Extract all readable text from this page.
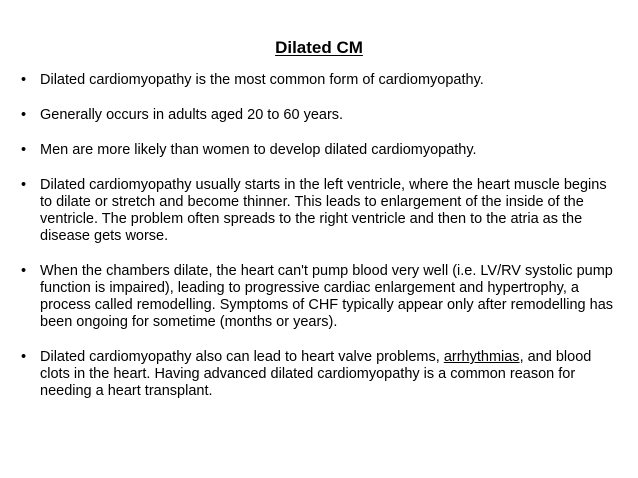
Dilated CM
• Dilated cardiomyopathy is the most common form of cardiomyopathy.
• Generally occurs in adults aged 20 to 60 years.
• Men are more likely than women to develop dilated cardiomyopathy.
• Dilated cardiomyopathy usually starts in the left ventricle, where the heart muscle begins to dilate or stretch and become thinner. This leads to enlargement of the inside of the ventricle. The problem often spreads to the right ventricle and then to the atria as the disease gets worse.
• When the chambers dilate, the heart can't pump blood very well (i.e. LV/RV systolic pump function is impaired), leading to progressive cardiac enlargement and hypertrophy, a process called remodelling. Symptoms of CHF typically appear only after remodelling has been ongoing for sometime (months or years).
• Dilated cardiomyopathy also can lead to heart valve problems, arrhythmias, and blood clots in the heart. Having advanced dilated cardiomyopathy is a common reason for needing a heart transplant.
